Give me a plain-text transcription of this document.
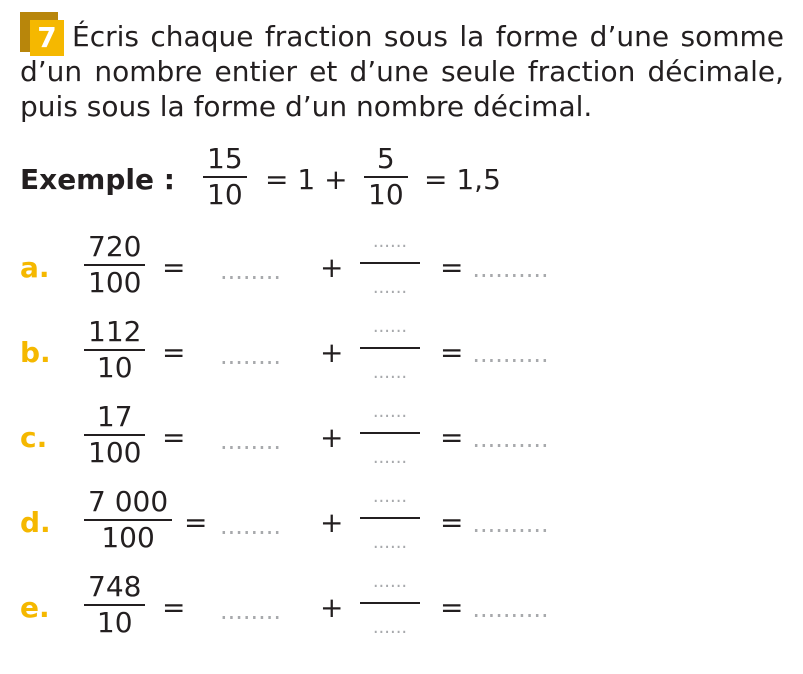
7 Écris chaque fraction sous la forme d’une somme d’un nombre entier et d’une seule fraction décimale, puis sous la forme d’un nombre décimal.

Exemple :
15
10 = 1 +
5
10 = 1,5
a.
720
100 = ........ +
......
......
= ..........
b.
112
10 = ........ +
......
......
= ..........
c.
17
100 = ........ +
......
......
= ..........
d.
7 000
100 = ........ +
......
......
= ..........
e.
748
10 = ........ +
......
......
= ..........
